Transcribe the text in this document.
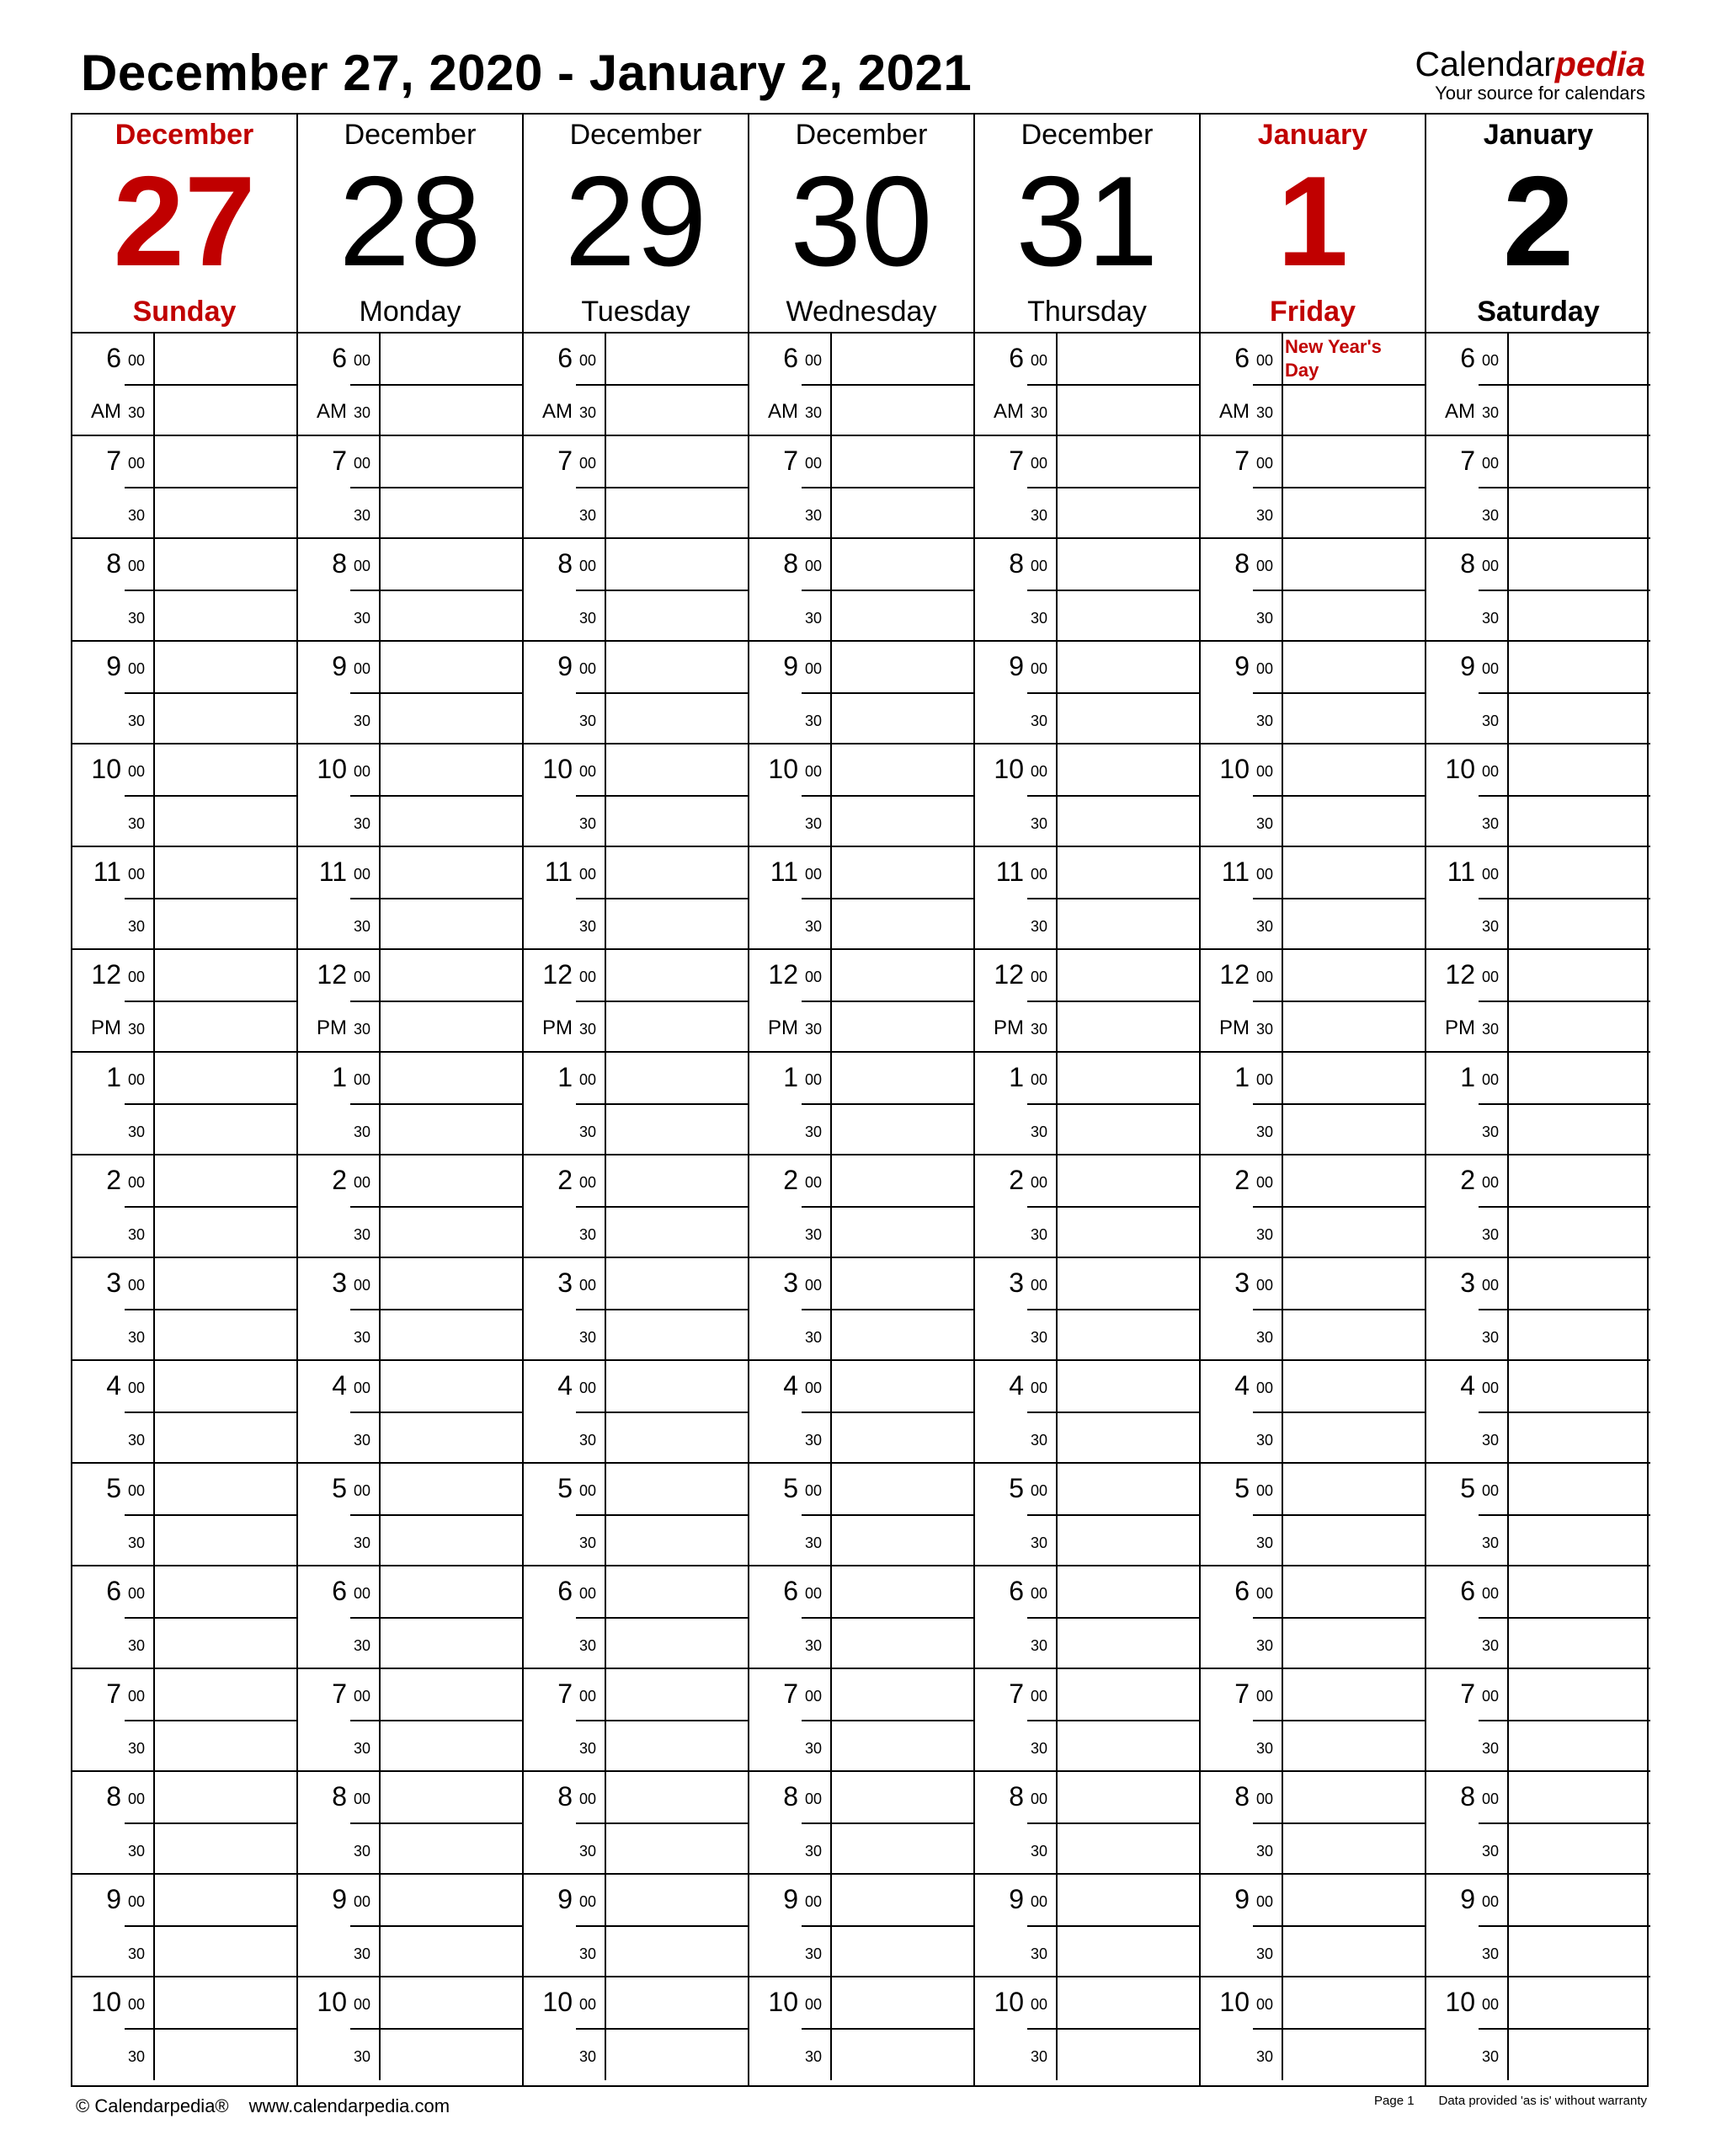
December 27, 2020 - January 2, 2021	Calendarpedia
Your source for calendars
December
27
Sunday
6 00
30
AM
7 00
30
8 00
30
9 00
30
10 00
30
11 00
30
12 00
30
PM
1 00
30
2 00
30
3 00
30
4 00
30
5 00
30
6 00
30
7 00
30
8 00
30
9 00
30
10 00
30
December
28
Monday
6 00
30
AM
7 00
30
8 00
30
9 00
30
10 00
30
11 00
30
12 00
30
PM
1 00
30
2 00
30
3 00
30
4 00
30
5 00
30
6 00
30
7 00
30
8 00
30
9 00
30
10 00
30
December
29
Tuesday
6 00
30
AM
7 00
30
8 00
30
9 00
30
10 00
30
11 00
30
12 00
30
PM
1 00
30
2 00
30
3 00
30
4 00
30
5 00
30
6 00
30
7 00
30
8 00
30
9 00
30
10 00
30
December
30
Wednesday
6 00
30
AM
7 00
30
8 00
30
9 00
30
10 00
30
11 00
30
12 00
30
PM
1 00
30
2 00
30
3 00
30
4 00
30
5 00
30
6 00
30
7 00
30
8 00
30
9 00
30
10 00
30
December
31
Thursday
6 00
30
AM
7 00
30
8 00
30
9 00
30
10 00
30
11 00
30
12 00
30
PM
1 00
30
2 00
30
3 00
30
4 00
30
5 00
30
6 00
30
7 00
30
8 00
30
9 00
30
10 00
30
January
1
Friday
6 00
30
AM
New Year's Day
7 00
30
8 00
30
9 00
30
10 00
30
11 00
30
12 00
30
PM
1 00
30
2 00
30
3 00
30
4 00
30
5 00
30
6 00
30
7 00
30
8 00
30
9 00
30
10 00
30
January
2
Saturday
6 00
30
AM
7 00
30
8 00
30
9 00
30
10 00
30
11 00
30
12 00
30
PM
1 00
30
2 00
30
3 00
30
4 00
30
5 00
30
6 00
30
7 00
30
8 00
30
9 00
30
10 00
30
© Calendarpedia® www.calendarpedia.com	Page 1 Data provided 'as is' without warranty
